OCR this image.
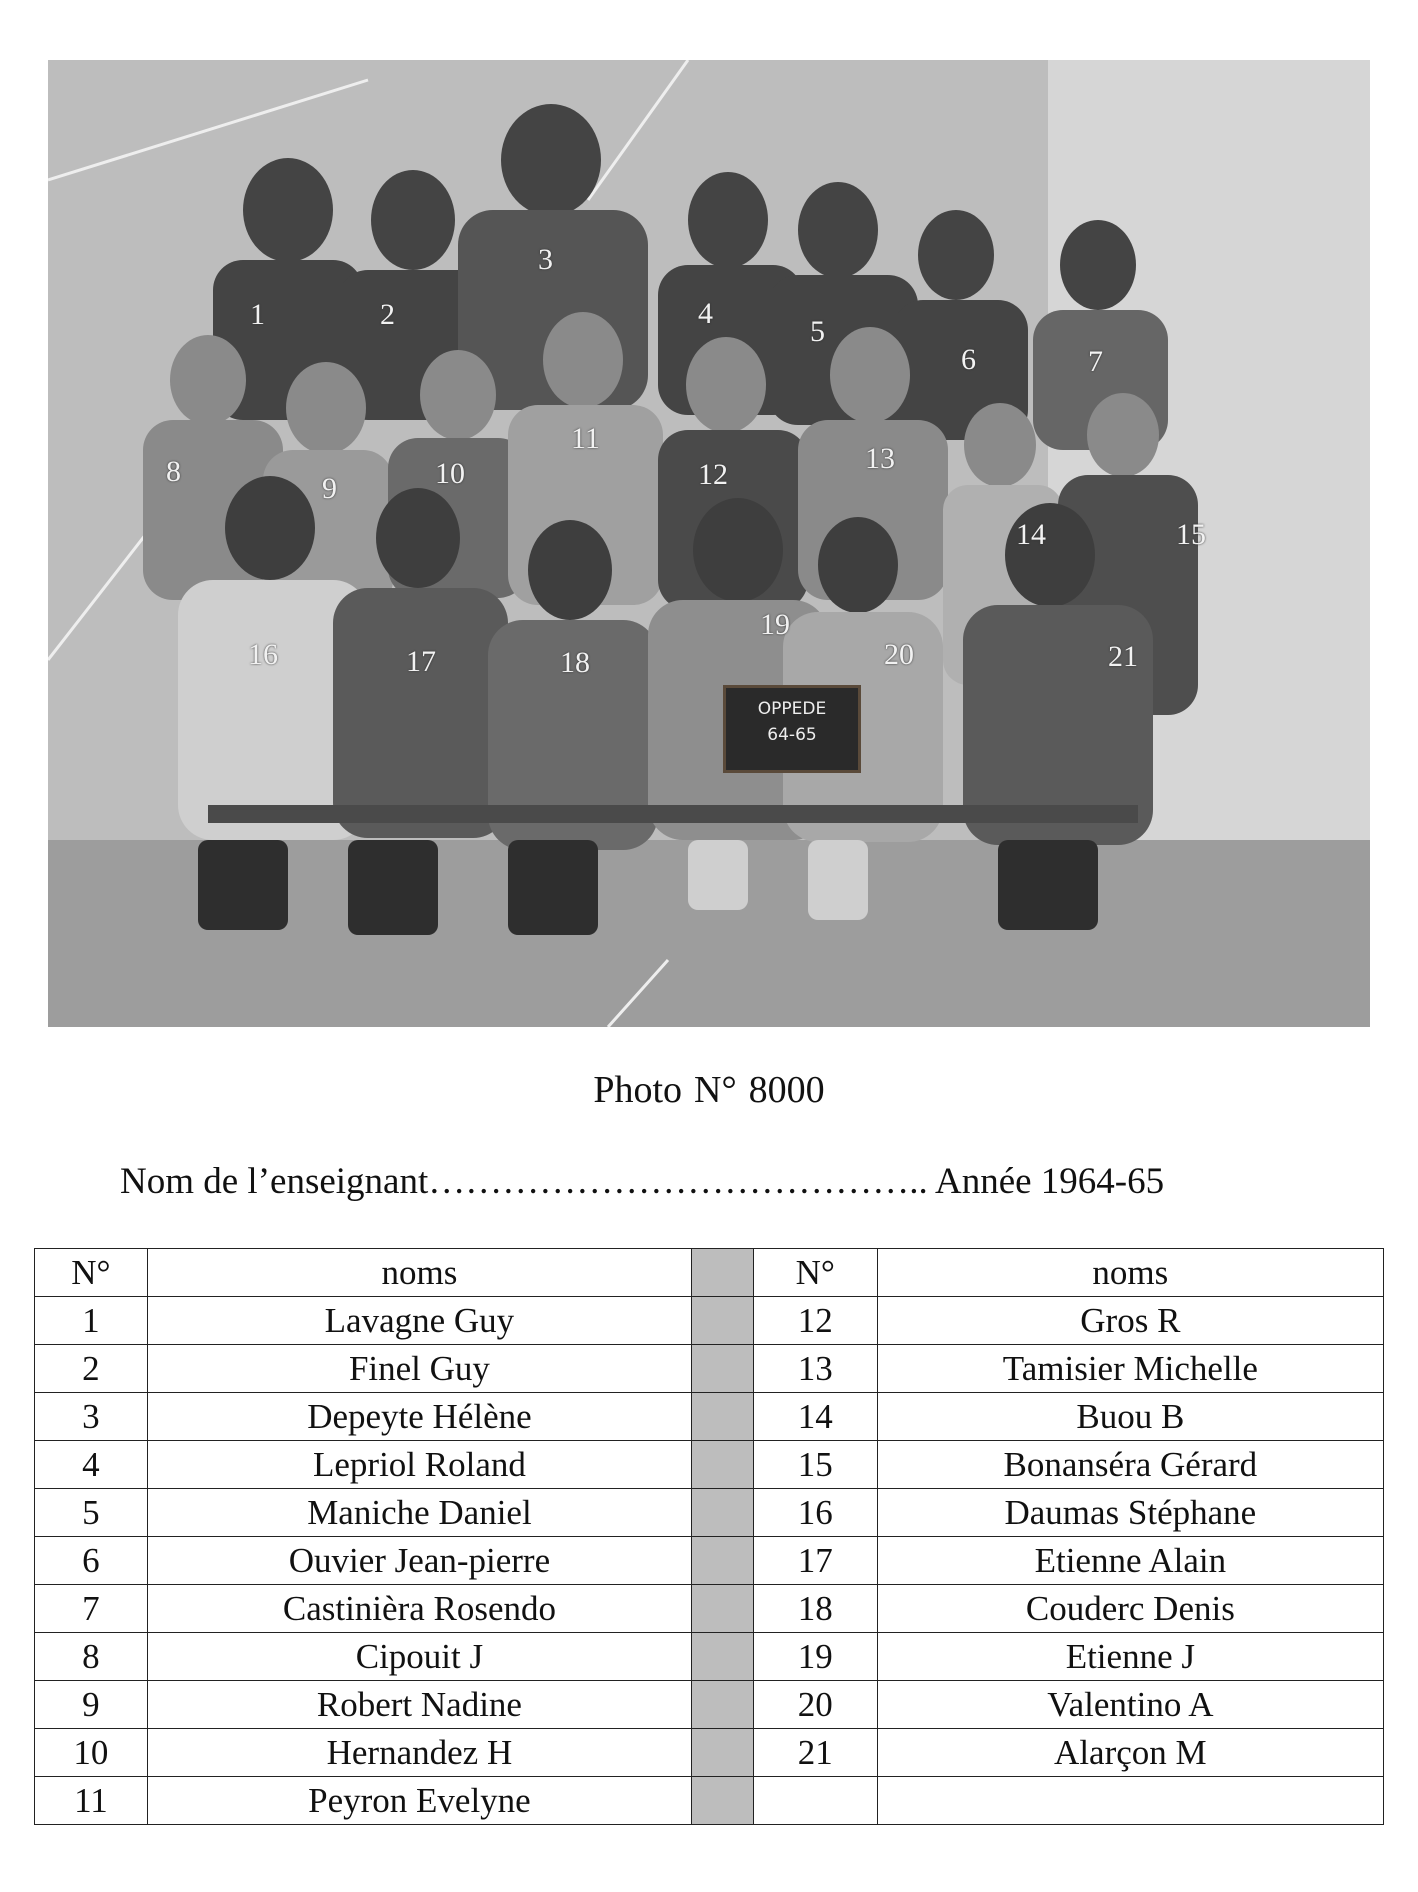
1	2
3
4
5
6	7
8
9	10
11
12	13
14	15
16	17	18
19
20	21
OPPEDE
64-65
Photo N° 8000
Nom de l’enseignant………………………………….. Année 1964-65
N°	noms		N°	noms
1	Lavagne Guy		12	Gros R
2	Finel Guy		13	Tamisier Michelle
3	Depeyte Hélène		14	Buou B
4	Lepriol Roland		15	Bonanséra Gérard
5	Maniche Daniel		16	Daumas Stéphane
6	Ouvier Jean-pierre		17	Etienne Alain
7	Castinièra Rosendo		18	Couderc Denis
8	Cipouit J		19	Etienne J
9	Robert Nadine		20	Valentino A
10	Hernandez H		21	Alarçon M
11	Peyron Evelyne			
